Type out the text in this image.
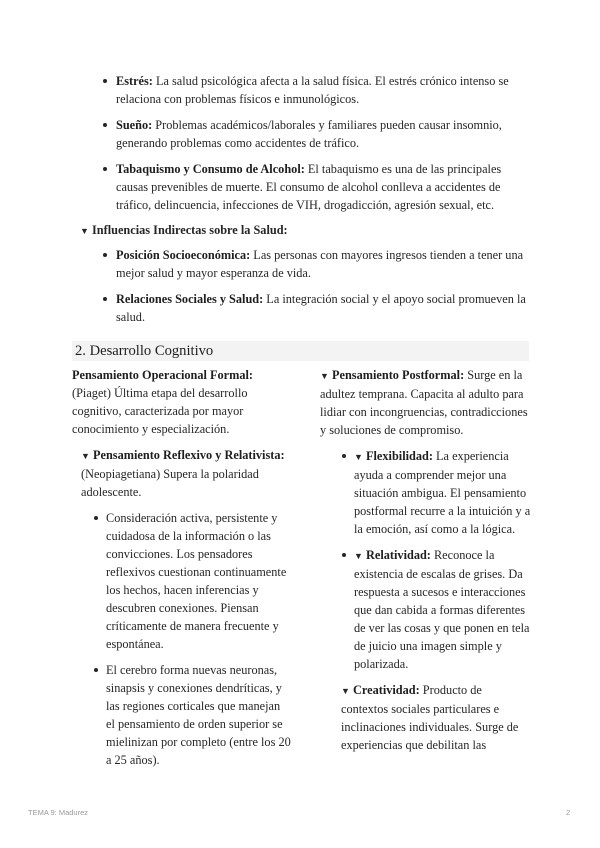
Estrés: La salud psicológica afecta a la salud física. El estrés crónico intenso se relaciona con problemas físicos e inmunológicos.
Sueño: Problemas académicos/laborales y familiares pueden causar insomnio, generando problemas como accidentes de tráfico.
Tabaquismo y Consumo de Alcohol: El tabaquismo es una de las principales causas prevenibles de muerte. El consumo de alcohol conlleva a accidentes de tráfico, delincuencia, infecciones de VIH, drogadicción, agresión sexual, etc.
▼ Influencias Indirectas sobre la Salud:
Posición Socioeconómica: Las personas con mayores ingresos tienden a tener una mejor salud y mayor esperanza de vida.
Relaciones Sociales y Salud: La integración social y el apoyo social promueven la salud.
2. Desarrollo Cognitivo
Pensamiento Operacional Formal: (Piaget) Última etapa del desarrollo cognitivo, caracterizada por mayor conocimiento y especialización.
▼ Pensamiento Reflexivo y Relativista: (Neopiagetiana) Supera la polaridad adolescente.
Consideración activa, persistente y cuidadosa de la información o las convicciones. Los pensadores reflexivos cuestionan continuamente los hechos, hacen inferencias y descubren conexiones. Piensan críticamente de manera frecuente y espontánea.
El cerebro forma nuevas neuronas, sinapsis y conexiones dendríticas, y las regiones corticales que manejan el pensamiento de orden superior se mielinizan por completo (entre los 20 a 25 años).
▼ Pensamiento Postformal: Surge en la adultez temprana. Capacita al adulto para lidiar con incongruencias, contradicciones y soluciones de compromiso.
▼ Flexibilidad: La experiencia ayuda a comprender mejor una situación ambigua. El pensamiento postformal recurre a la intuición y a la emoción, así como a la lógica.
▼ Relatividad: Reconoce la existencia de escalas de grises. Da respuesta a sucesos e interacciones que dan cabida a formas diferentes de ver las cosas y que ponen en tela de juicio una imagen simple y polarizada.
▼ Creatividad: Producto de contextos sociales particulares e inclinaciones individuales. Surge de experiencias que debilitan las
TEMA 9: Madurez	2
